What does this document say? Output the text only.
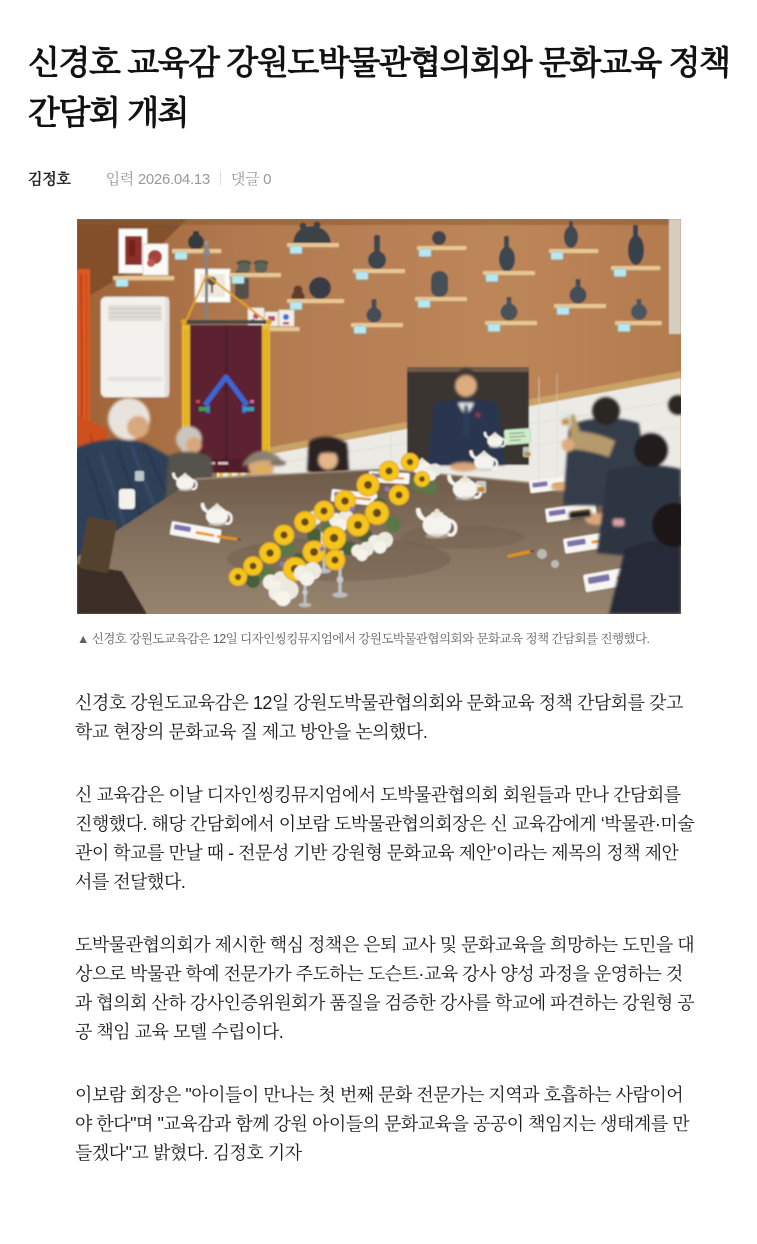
신경호 교육감 강원도박물관협의회와 문화교육 정책 간담회 개최
김정호 입력 2026.04.13 댓글 0
▲ 신경호 강원도교육감은 12일 디자인씽킹뮤지엄에서 강원도박물관협의회와 문화교육 정책 간담회를 진행했다.

신경호 강원도교육감은 12일 강원도박물관협의회와 문화교육 정책 간담회를 갖고 학교 현장의 문화교육 질 제고 방안을 논의했다.

신 교육감은 이날 디자인씽킹뮤지엄에서 도박물관협의회 회원들과 만나 간담회를 진행했다. 해당 간담회에서 이보람 도박물관협의회장은 신 교육감에게 ‘박물관·미술관이 학교를 만날 때 - 전문성 기반 강원형 문화교육 제안’이라는 제목의 정책 제안서를 전달했다.

도박물관협의회가 제시한 핵심 정책은 은퇴 교사 및 문화교육을 희망하는 도민을 대상으로 박물관 학예 전문가가 주도하는 도슨트·교육 강사 양성 과정을 운영하는 것과 협의회 산하 강사인증위원회가 품질을 검증한 강사를 학교에 파견하는 강원형 공공 책임 교육 모델 수립이다.

이보람 회장은 "아이들이 만나는 첫 번째 문화 전문가는 지역과 호흡하는 사람이어야 한다"며 "교육감과 함께 강원 아이들의 문화교육을 공공이 책임지는 생태계를 만들겠다"고 밝혔다. 김정호 기자
